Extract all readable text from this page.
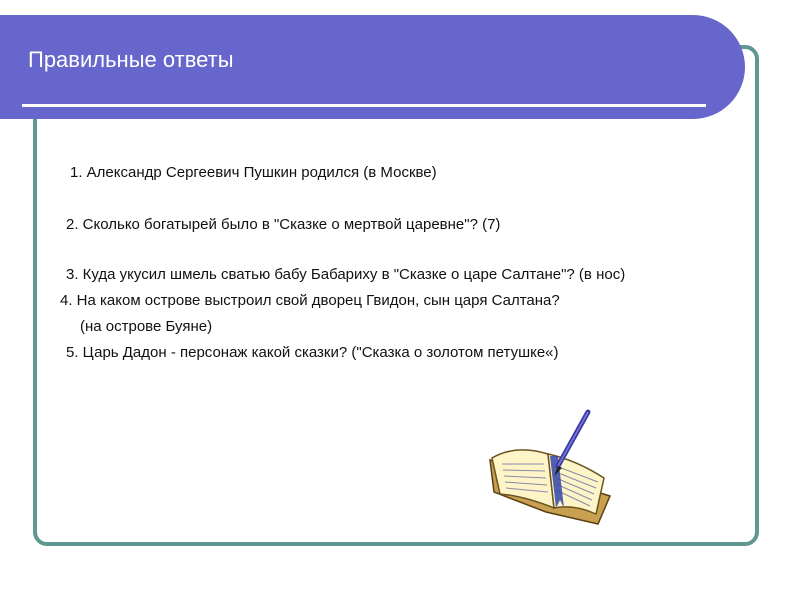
Правильные ответы
1. Александр Сергеевич Пушкин родился (в Москве)
2. Сколько богатырей было в "Сказке о мертвой царевне"? (7)
3. Куда укусил шмель сватью бабу Бабариху в "Сказке о царе Салтане"? (в нос)
4. На каком острове выстроил свой дворец Гвидон, сын царя Салтана?
(на острове Буяне)
5. Царь Дадон - персонаж какой сказки? ("Сказка о золотом петушке«)
